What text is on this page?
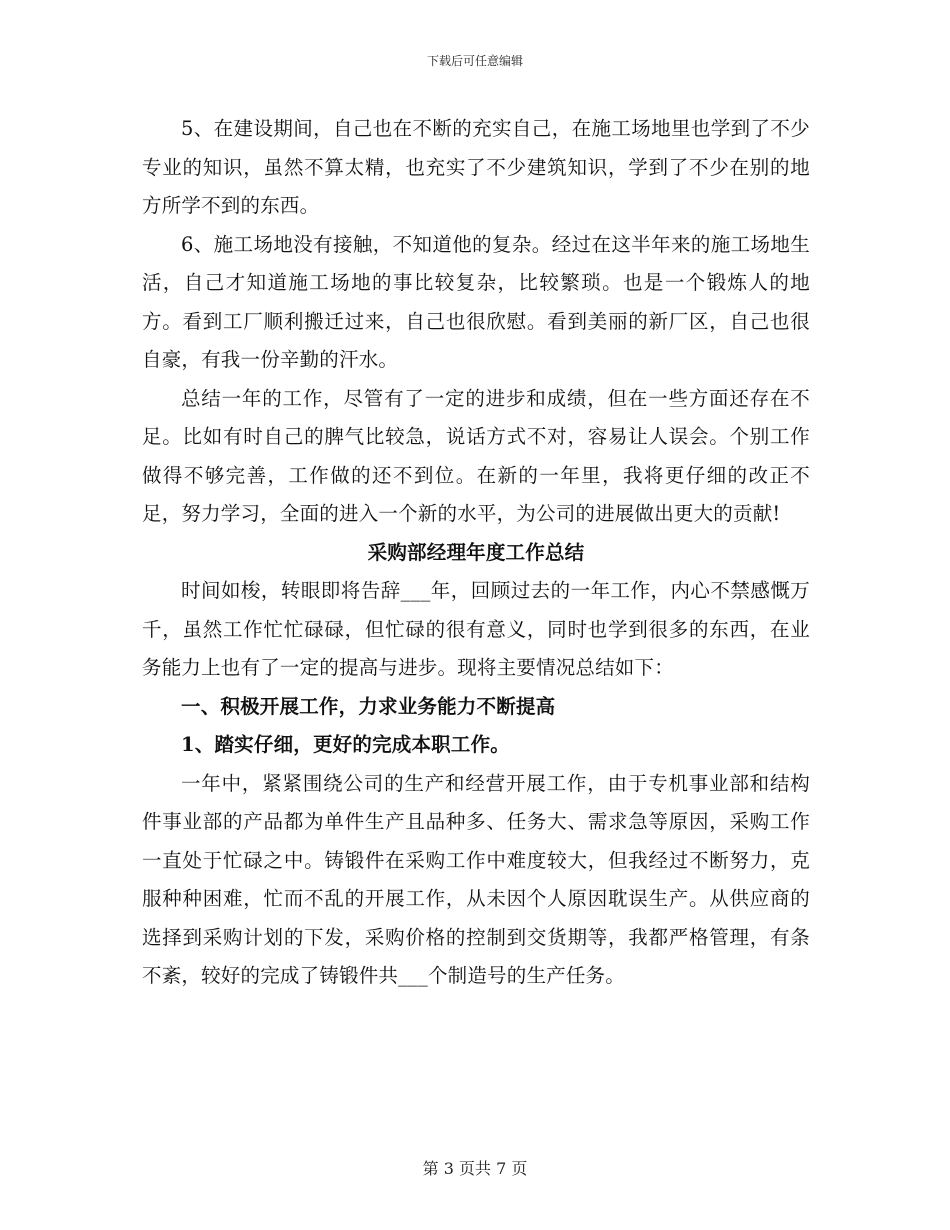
下载后可任意编辑

5、在建设期间，自己也在不断的充实自己，在施工场地里也学到了不少专业的知识，虽然不算太精，也充实了不少建筑知识，学到了不少在别的地方所学不到的东西。

6、施工场地没有接触，不知道他的复杂。经过在这半年来的施工场地生活，自己才知道施工场地的事比较复杂，比较繁琐。也是一个锻炼人的地方。看到工厂顺利搬迁过来，自己也很欣慰。看到美丽的新厂区，自己也很自豪，有我一份辛勤的汗水。

总结一年的工作，尽管有了一定的进步和成绩，但在一些方面还存在不足。比如有时自己的脾气比较急，说话方式不对，容易让人误会。个别工作做得不够完善，工作做的还不到位。在新的一年里，我将更仔细的改正不足，努力学习，全面的进入一个新的水平，为公司的进展做出更大的贡献!

采购部经理年度工作总结

时间如梭，转眼即将告辞___年，回顾过去的一年工作，内心不禁感慨万千，虽然工作忙忙碌碌，但忙碌的很有意义，同时也学到很多的东西，在业务能力上也有了一定的提高与进步。现将主要情况总结如下：

一、积极开展工作，力求业务能力不断提高

1、踏实仔细，更好的完成本职工作。

一年中，紧紧围绕公司的生产和经营开展工作，由于专机事业部和结构件事业部的产品都为单件生产且品种多、任务大、需求急等原因，采购工作一直处于忙碌之中。铸锻件在采购工作中难度较大，但我经过不断努力，克服种种困难，忙而不乱的开展工作，从未因个人原因耽误生产。从供应商的选择到采购计划的下发，采购价格的控制到交货期等，我都严格管理，有条不紊，较好的完成了铸锻件共___个制造号的生产任务。

第 3 页共 7 页
